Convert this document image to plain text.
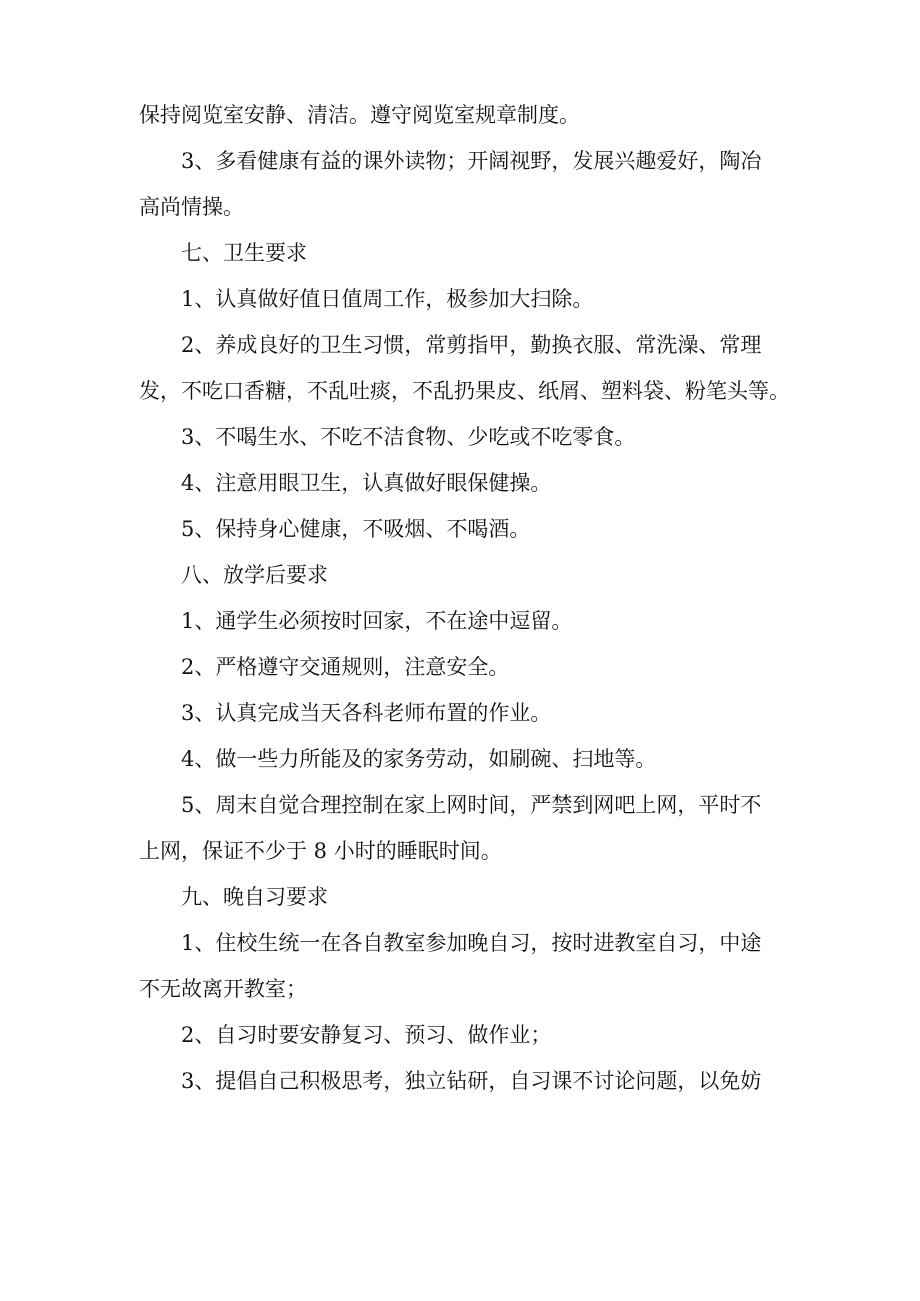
保持阅览室安静、清洁。遵守阅览室规章制度。
3、多看健康有益的课外读物；开阔视野，发展兴趣爱好，陶冶
高尚情操。
七、卫生要求
1、认真做好值日值周工作，极参加大扫除。
2、养成良好的卫生习惯，常剪指甲，勤换衣服、常洗澡、常理
发，不吃口香糖，不乱吐痰，不乱扔果皮、纸屑、塑料袋、粉笔头等。
3、不喝生水、不吃不洁食物、少吃或不吃零食。
4、注意用眼卫生，认真做好眼保健操。
5、保持身心健康，不吸烟、不喝酒。
八、放学后要求
1、通学生必须按时回家，不在途中逗留。
2、严格遵守交通规则，注意安全。
3、认真完成当天各科老师布置的作业。
4、做一些力所能及的家务劳动，如刷碗、扫地等。
5、周末自觉合理控制在家上网时间，严禁到网吧上网，平时不
上网，保证不少于 8 小时的睡眠时间。
九、晚自习要求
1、住校生统一在各自教室参加晚自习，按时进教室自习，中途
不无故离开教室；
2、自习时要安静复习、预习、做作业；
3、提倡自己积极思考，独立钻研，自习课不讨论问题，以免妨
